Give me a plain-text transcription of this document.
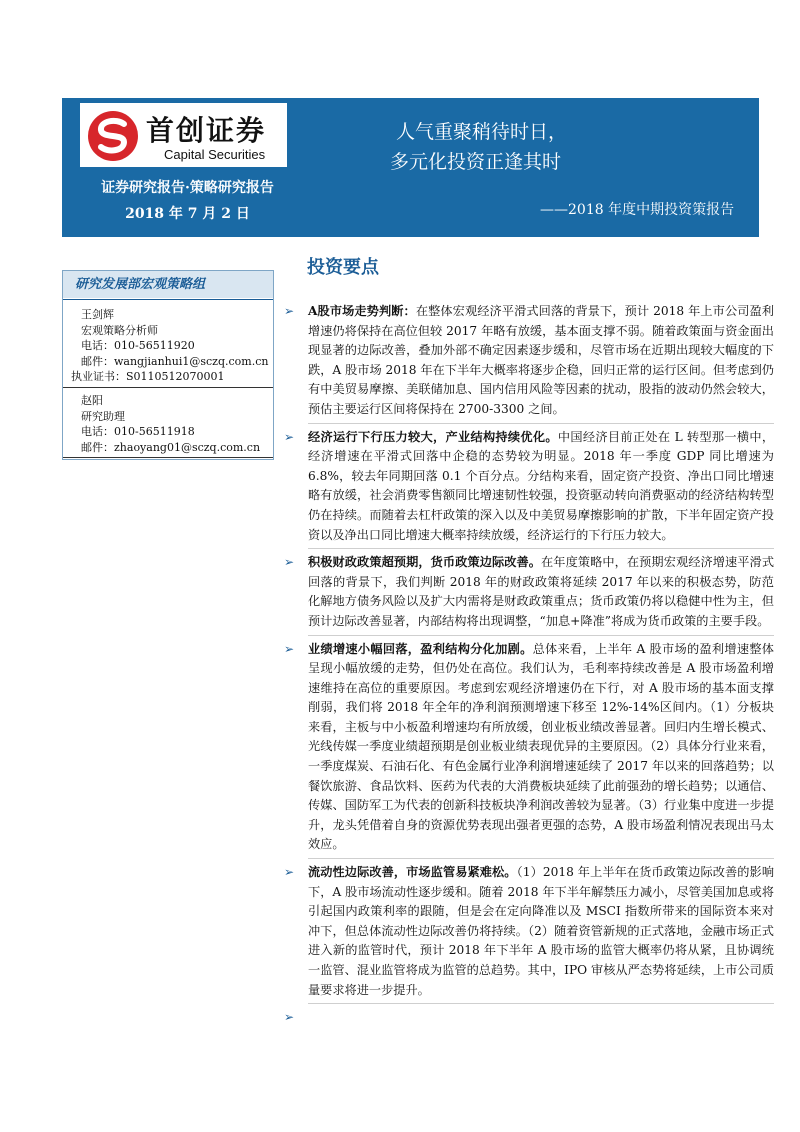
首创证券
Capital Securities
证券研究报告·策略研究报告
2018 年 7 月 2 日
人气重聚稍待时日，
多元化投资正逢其时
——2018 年度中期投资策报告
投资要点
研究发展部宏观策略组
王剑辉
宏观策略分析师
电话：010-56511920
邮件：wangjianhui1@sczq.com.cn
执业证书：S0110512070001
赵阳
研究助理
电话：010-56511918
邮件：zhaoyang01@sczq.com.cn
➢ A股市场走势判断：在整体宏观经济平滑式回落的背景下，预计 2018 年上市公司盈利增速仍将保持在高位但较 2017 年略有放缓，基本面支撑不弱。随着政策面与资金面出现显著的边际改善，叠加外部不确定因素逐步缓和，尽管市场在近期出现较大幅度的下跌，A 股市场 2018 年在下半年大概率将逐步企稳，回归正常的运行区间。但考虑到仍有中美贸易摩擦、美联储加息、国内信用风险等因素的扰动，股指的波动仍然会较大，预估主要运行区间将保持在 2700-3300 之间。
➢ 经济运行下行压力较大，产业结构持续优化。中国经济目前正处在 L 转型那一横中，经济增速在平滑式回落中企稳的态势较为明显。2018 年一季度 GDP 同比增速为 6.8%，较去年同期回落 0.1 个百分点。分结构来看，固定资产投资、净出口同比增速略有放缓，社会消费零售额同比增速韧性较强，投资驱动转向消费驱动的经济结构转型仍在持续。而随着去杠杆政策的深入以及中美贸易摩擦影响的扩散，下半年固定资产投资以及净出口同比增速大概率持续放缓，经济运行的下行压力较大。
➢ 积极财政政策超预期，货币政策边际改善。在年度策略中，在预期宏观经济增速平滑式回落的背景下，我们判断 2018 年的财政政策将延续 2017 年以来的积极态势，防范化解地方债务风险以及扩大内需将是财政政策重点；货币政策仍将以稳健中性为主，但预计边际改善显著，内部结构将出现调整，“加息+降准”将成为货币政策的主要手段。
➢ 业绩增速小幅回落，盈利结构分化加剧。总体来看，上半年 A 股市场的盈利增速整体呈现小幅放缓的走势，但仍处在高位。我们认为，毛利率持续改善是 A 股市场盈利增速维持在高位的重要原因。考虑到宏观经济增速仍在下行，对 A 股市场的基本面支撑削弱，我们将 2018 年全年的净利润预测增速下移至 12%-14%区间内。（1）分板块来看，主板与中小板盈利增速均有所放缓，创业板业绩改善显著。回归内生增长模式、光线传媒一季度业绩超预期是创业板业绩表现优异的主要原因。（2）具体分行业来看，一季度煤炭、石油石化、有色金属行业净利润增速延续了 2017 年以来的回落趋势；以餐饮旅游、食品饮料、医药为代表的大消费板块延续了此前强劲的增长趋势；以通信、传媒、国防军工为代表的创新科技板块净利润改善较为显著。（3）行业集中度进一步提升，龙头凭借着自身的资源优势表现出强者更强的态势，A 股市场盈利情况表现出马太效应。
➢ 流动性边际改善，市场监管易紧难松。（1）2018 年上半年在货币政策边际改善的影响下，A 股市场流动性逐步缓和。随着 2018 年下半年解禁压力减小，尽管美国加息或将引起国内政策利率的跟随，但是会在定向降准以及 MSCI 指数所带来的国际资本来对冲下，但总体流动性边际改善仍将持续。（2）随着资管新规的正式落地，金融市场正式进入新的监管时代，预计 2018 年下半年 A 股市场的监管大概率仍将从紧，且协调统一监管、混业监管将成为监管的总趋势。其中，IPO 审核从严态势将延续，上市公司质量要求将进一步提升。
➢
